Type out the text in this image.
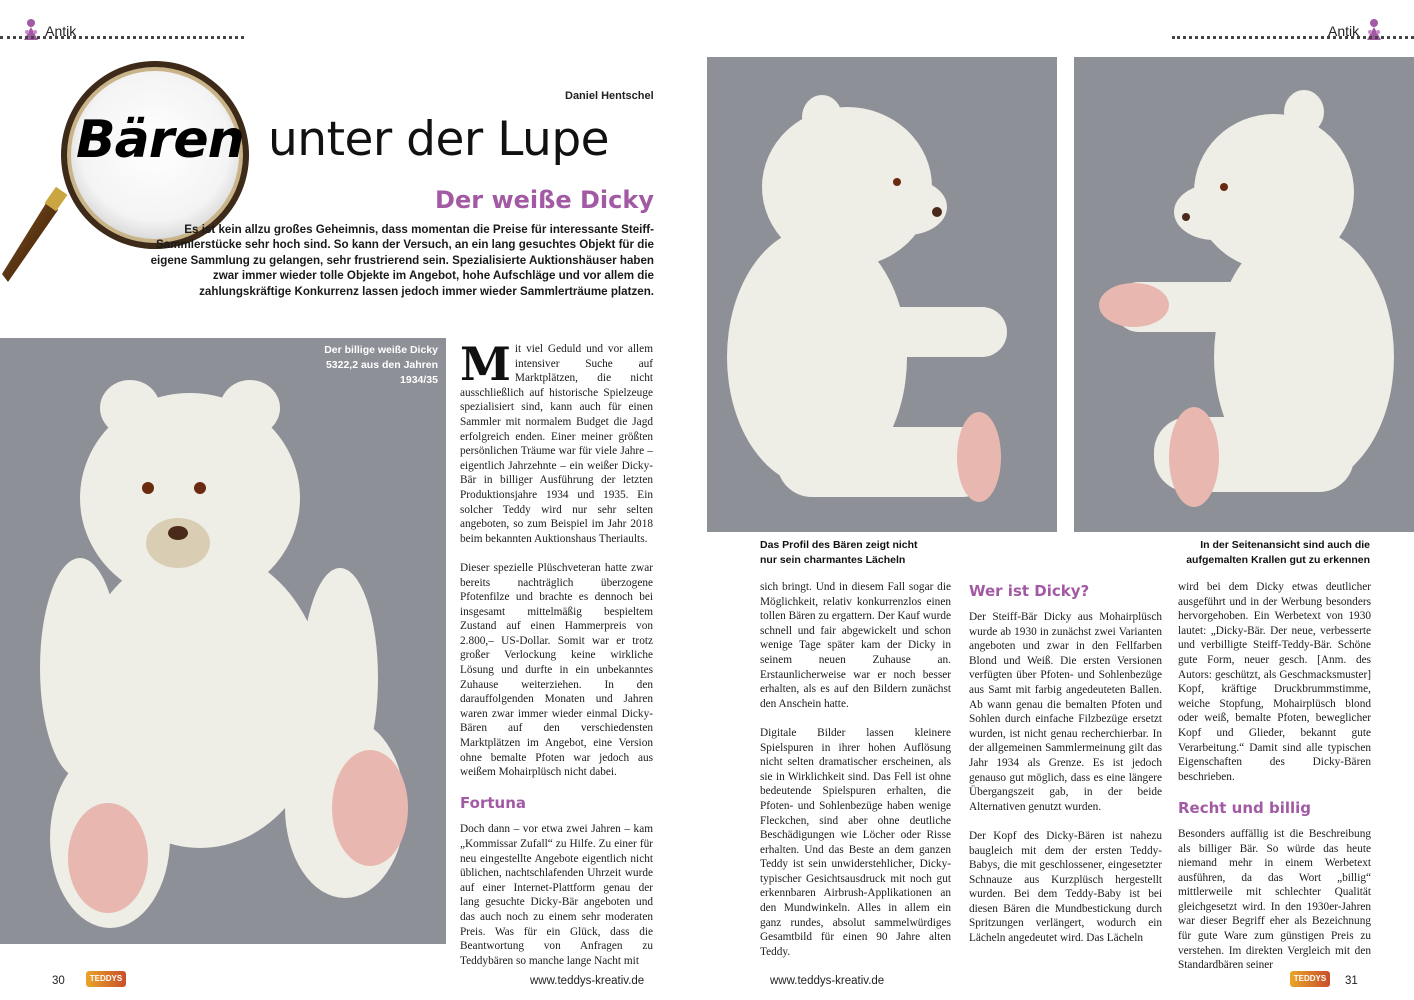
Antik	Antik
Bären unter der Lupe
Daniel Hentschel
Der weiße Dicky
Es ist kein allzu großes Geheimnis, dass momentan die Preise für interessante Steiff-Sammlerstücke sehr hoch sind. So kann der Versuch, an ein lang gesuchtes Objekt für die eigene Sammlung zu gelangen, sehr frustrierend sein. Spezialisierte Auktionshäuser haben zwar immer wieder tolle Objekte im Angebot, hohe Aufschläge und vor allem die zahlungskräftige Konkurrenz lassen jedoch immer wieder Sammlerträume platzen.
Der billige weiße Dicky 5322,2 aus den Jahren 1934/35
Das Profil des Bären zeigt nicht nur sein charmantes Lächeln
In der Seitenansicht sind auch die aufgemalten Krallen gut zu erkennen

Mit viel Geduld und vor allem intensiver Suche auf Marktplätzen, die nicht ausschließlich auf historische Spielzeuge spezialisiert sind, kann auch für einen Sammler mit normalem Budget die Jagd erfolgreich enden. Einer meiner größten persönlichen Träume war für viele Jahre – eigentlich Jahrzehnte – ein weißer Dicky-Bär in billiger Ausführung der letzten Produktionsjahre 1934 und 1935. Ein solcher Teddy wird nur sehr selten angeboten, so zum Beispiel im Jahr 2018 beim bekannten Auktionshaus Theriaults.

Dieser spezielle Plüschveteran hatte zwar bereits nachträglich überzogene Pfotenfilze und brachte es dennoch bei insgesamt mittelmäßig bespieltem Zustand auf einen Hammerpreis von 2.800,– US-Dollar. Somit war er trotz großer Verlockung keine wirkliche Lösung und durfte in ein unbekanntes Zuhause weiterziehen. In den darauffolgenden Monaten und Jahren waren zwar immer wieder einmal Dicky-Bären auf den verschiedensten Marktplätzen im Angebot, eine Version ohne bemalte Pfoten war jedoch aus weißem Mohairplüsch nicht dabei.

Fortuna

Doch dann – vor etwa zwei Jahren – kam „Kommissar Zufall“ zu Hilfe. Zu einer für neu eingestellte Angebote eigentlich nicht üblichen, nachtschlafenden Uhrzeit wurde auf einer Internet-Plattform genau der lang gesuchte Dicky-Bär angeboten und das auch noch zu einem sehr moderaten Preis. Was für ein Glück, dass die Beantwortung von Anfragen zu Teddybären so manche lange Nacht mit

sich bringt. Und in diesem Fall sogar die Möglichkeit, relativ konkurrenzlos einen tollen Bären zu ergattern. Der Kauf wurde schnell und fair abgewickelt und schon wenige Tage später kam der Dicky in seinem neuen Zuhause an. Erstaunlicherweise war er noch besser erhalten, als es auf den Bildern zunächst den Anschein hatte.

Digitale Bilder lassen kleinere Spielspuren in ihrer hohen Auflösung nicht selten dramatischer erscheinen, als sie in Wirklichkeit sind. Das Fell ist ohne bedeutende Spielspuren erhalten, die Pfoten- und Sohlenbezüge haben wenige Fleckchen, sind aber ohne deutliche Beschädigungen wie Löcher oder Risse erhalten. Und das Beste an dem ganzen Teddy ist sein unwiderstehlicher, Dicky-typischer Gesichtsausdruck mit noch gut erkennbaren Airbrush-Applikationen an den Mundwinkeln. Alles in allem ein ganz rundes, absolut sammelwürdiges Gesamtbild für einen 90 Jahre alten Teddy.

Wer ist Dicky?

Der Steiff-Bär Dicky aus Mohairplüsch wurde ab 1930 in zunächst zwei Varianten angeboten und zwar in den Fellfarben Blond und Weiß. Die ersten Versionen verfügten über Pfoten- und Sohlenbezüge aus Samt mit farbig angedeuteten Ballen. Ab wann genau die bemalten Pfoten und Sohlen durch einfache Filzbezüge ersetzt wurden, ist nicht genau recherchierbar. In der allgemeinen Sammlermeinung gilt das Jahr 1934 als Grenze. Es ist jedoch genauso gut möglich, dass es eine längere Übergangszeit gab, in der beide Alternativen genutzt wurden.

Der Kopf des Dicky-Bären ist nahezu baugleich mit dem der ersten Teddy-Babys, die mit geschlossener, eingesetzter Schnauze aus Kurzplüsch hergestellt wurden. Bei dem Teddy-Baby ist bei diesen Bären die Mundbestickung durch Spritzungen verlängert, wodurch ein Lächeln angedeutet wird. Das Lächeln

wird bei dem Dicky etwas deutlicher ausgeführt und in der Werbung besonders hervorgehoben. Ein Werbetext von 1930 lautet: „Dicky-Bär. Der neue, verbesserte und verbilligte Steiff-Teddy-Bär. Schöne gute Form, neuer gesch. [Anm. des Autors: geschützt, als Geschmacksmuster] Kopf, kräftige Druckbrummstimme, weiche Stopfung, Mohairplüsch blond oder weiß, bemalte Pfoten, beweglicher Kopf und Glieder, bekannt gute Verarbeitung.“ Damit sind alle typischen Eigenschaften des Dicky-Bären beschrieben.

Recht und billig

Besonders auffällig ist die Beschreibung als billiger Bär. So würde das heute niemand mehr in einem Werbetext ausführen, da das Wort „billig“ mittlerweile mit schlechter Qualität gleichgesetzt wird. In den 1930er-Jahren war dieser Begriff eher als Bezeichnung für gute Ware zum günstigen Preis zu verstehen. Im direkten Vergleich mit den Standardbären seiner

30	TEDDYS	www.teddys-kreativ.de	www.teddys-kreativ.de	TEDDYS	31
